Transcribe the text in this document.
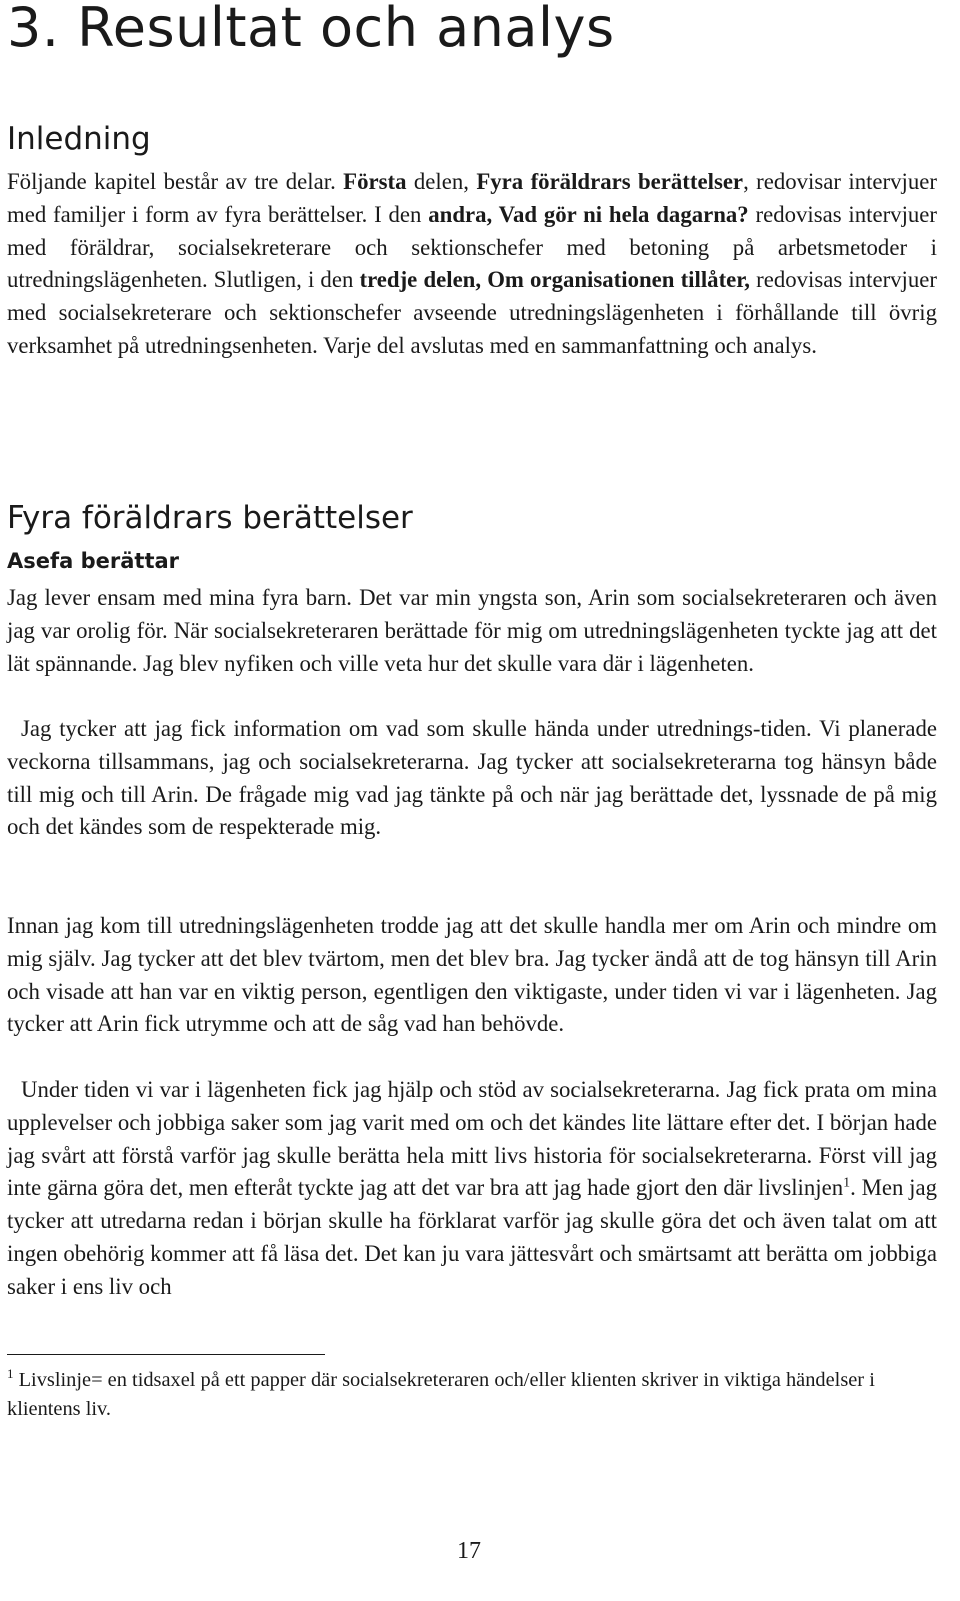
3. Resultat och analys
Inledning

Följande kapitel består av tre delar. Första delen, Fyra föräldrars berättelser, redovisar intervjuer med familjer i form av fyra berättelser. I den andra, Vad gör ni hela dagarna? redovisas intervjuer med föräldrar, socialsekreterare och sektionschefer med betoning på arbetsmetoder i utredningslägenheten. Slutligen, i den tredje delen, Om organisationen tillåter, redovisas intervjuer med socialsekreterare och sektionschefer avseende utredningslägenheten i förhållande till övrig verksamhet på utredningsenheten. Varje del avslutas med en sammanfattning och analys.

Fyra föräldrars berättelser
Asefa berättar

Jag lever ensam med mina fyra barn. Det var min yngsta son, Arin som socialsekreteraren och även jag var orolig för. När socialsekreteraren berättade för mig om utredningslägenheten tyckte jag att det lät spännande. Jag blev nyfiken och ville veta hur det skulle vara där i lägenheten.

Jag tycker att jag fick information om vad som skulle hända under utrednings-tiden. Vi planerade veckorna tillsammans, jag och socialsekreterarna. Jag tycker att socialsekreterarna tog hänsyn både till mig och till Arin. De frågade mig vad jag tänkte på och när jag berättade det, lyssnade de på mig och det kändes som de respekterade mig.

Innan jag kom till utredningslägenheten trodde jag att det skulle handla mer om Arin och mindre om mig själv. Jag tycker att det blev tvärtom, men det blev bra. Jag tycker ändå att de tog hänsyn till Arin och visade att han var en viktig person, egentligen den viktigaste, under tiden vi var i lägenheten. Jag tycker att Arin fick utrymme och att de såg vad han behövde.

Under tiden vi var i lägenheten fick jag hjälp och stöd av socialsekreterarna. Jag fick prata om mina upplevelser och jobbiga saker som jag varit med om och det kändes lite lättare efter det. I början hade jag svårt att förstå varför jag skulle berätta hela mitt livs historia för socialsekreterarna. Först vill jag inte gärna göra det, men efteråt tyckte jag att det var bra att jag hade gjort den där livslinjen$^1$. Men jag tycker att utredarna redan i början skulle ha förklarat varför jag skulle göra det och även talat om att ingen obehörig kommer att få läsa det. Det kan ju vara jättesvårt och smärtsamt att berätta om jobbiga saker i ens liv och

$^1$ Livslinje= en tidsaxel på ett papper där socialsekreteraren och/eller klienten skriver in viktiga händelser i klientens liv.

17
